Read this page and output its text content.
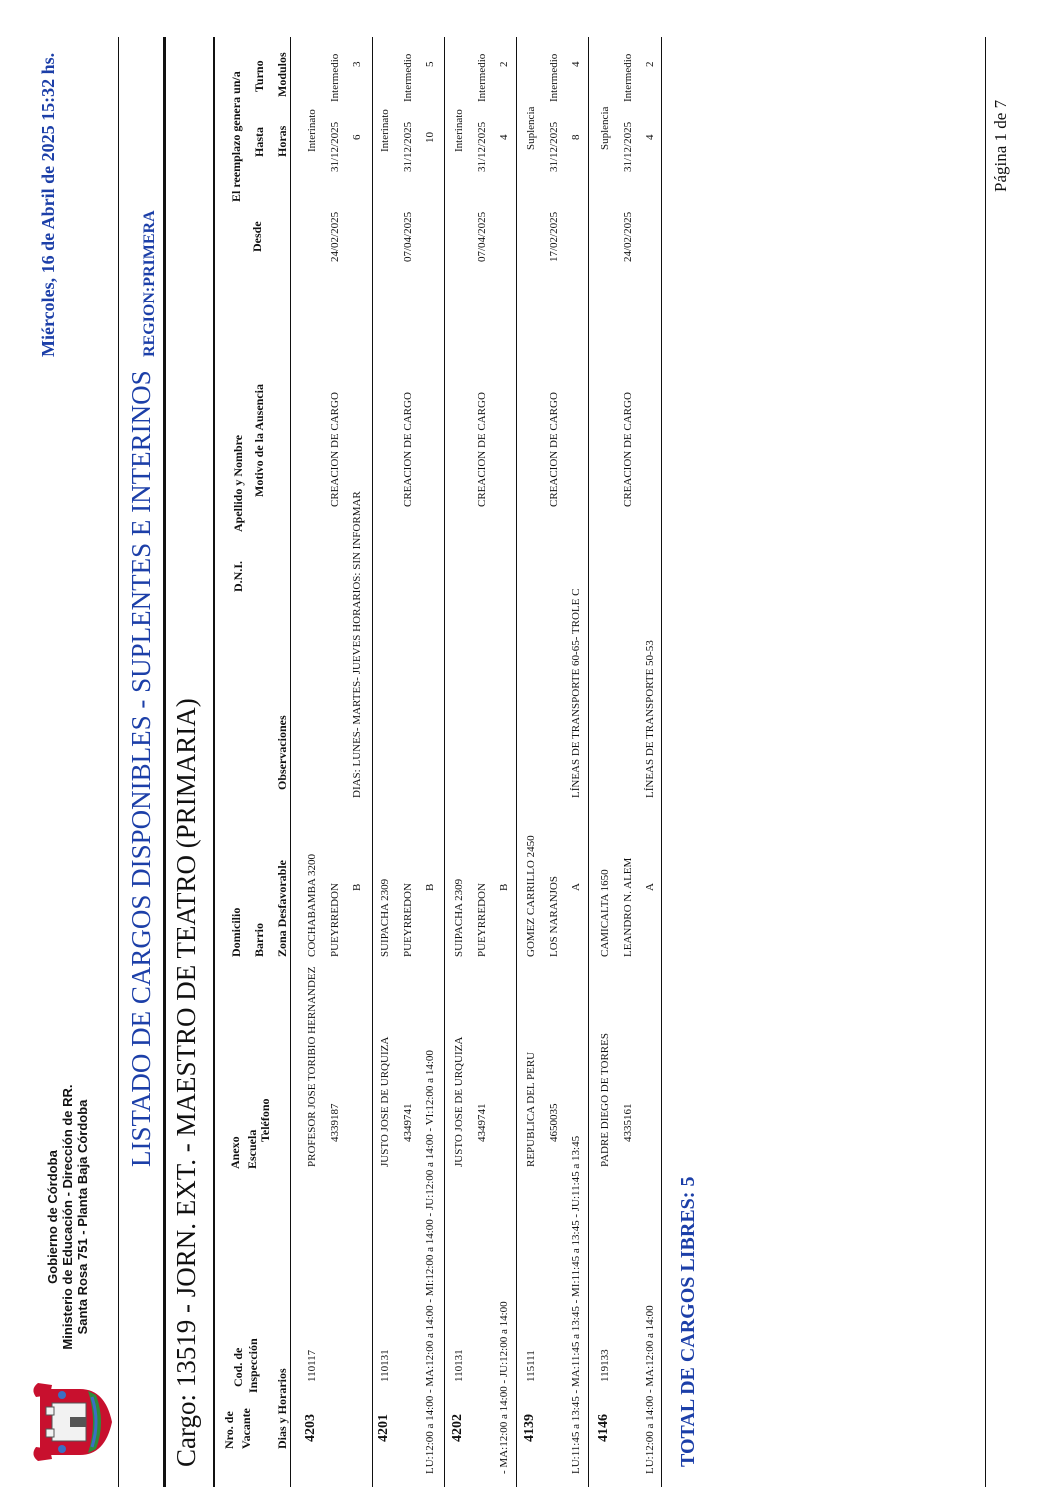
Gobierno de Córdoba Ministerio de Educación - Dirección de RR. Santa Rosa 751 - Planta Baja Córdoba
Miércoles, 16 de Abril de 2025 15:32 hs.
LISTADO DE CARGOS DISPONIBLES - SUPLENTES E INTERINOS
REGION:PRIMERA
Cargo: 13519 - JORN. EXT. - MAESTRO DE TEATRO (PRIMARIA) Nro. de Vacante
Cod. de Inspección
Dias y Horarios
Anexo Escuela
Teléfono
Domicilio Barrio Zona Desfavorable
Observaciones
D.N.I.
Apellido y Nombre Motivo de la Ausencia
Desde
El reemplazo genera un/a Hasta Horas
Turno Modulos
4203
110117
PROFESOR JOSE TORIBIO HERNANDEZ 4339187
COCHABAMBA 3200 PUEYRREDON B
CREACION DE CARGO
DIAS: LUNES- MARTES- JUEVES HORARIOS: SIN INFORMAR
24/02/2025
Interinato 31/12/2025 6
Intermedio 3
4201
110131
JUSTO JOSE DE URQUIZA 4349741
SUIPACHA 2309 PUEYRREDON B
CREACION DE CARGO
07/04/2025
Interinato 31/12/2025 10
5
Intermedio
LU:12:00 a 14:00 - MA:12:00 a 14:00 - MI:12:00 a 14:00 - JU:12:00 a 14:00 - VI:12:00 a 14:00 4202
110131
JUSTO JOSE DE URQUIZA 4349741
SUIPACHA 2309 PUEYRREDON B
CREACION DE CARGO
07/04/2025
Interinato 31/12/2025 4
Intermedio 2
- MA:12:00 a 14:00 - JU:12:00 a 14:00 4139
115111
REPUBLICA DEL PERU 4650035
GOMEZ CARRILLO 2450 LOS NARANJOS A
CREACION DE CARGO
LÍNEAS DE TRANSPORTE 60-65- TROLE C
17/02/2025
Suplencia 31/12/2025 8
Intermedio 4
LU:11:45 a 13:45 - MA:11:45 a 13:45 - MI:11:45 a 13:45 - JU:11:45 a 13:45 4146
119133
PADRE DIEGO DE TORRES 4335161
CAMICALTA 1650 LEANDRO N. ALEM A
CREACION DE CARGO
LÍNEAS DE TRANSPORTE 50-53
24/02/2025
Suplencia 31/12/2025 4
Intermedio 2
LU:12:00 a 14:00 - MA:12:00 a 14:00 TOTAL DE CARGOS LIBRES: 5
Página 1 de 7
